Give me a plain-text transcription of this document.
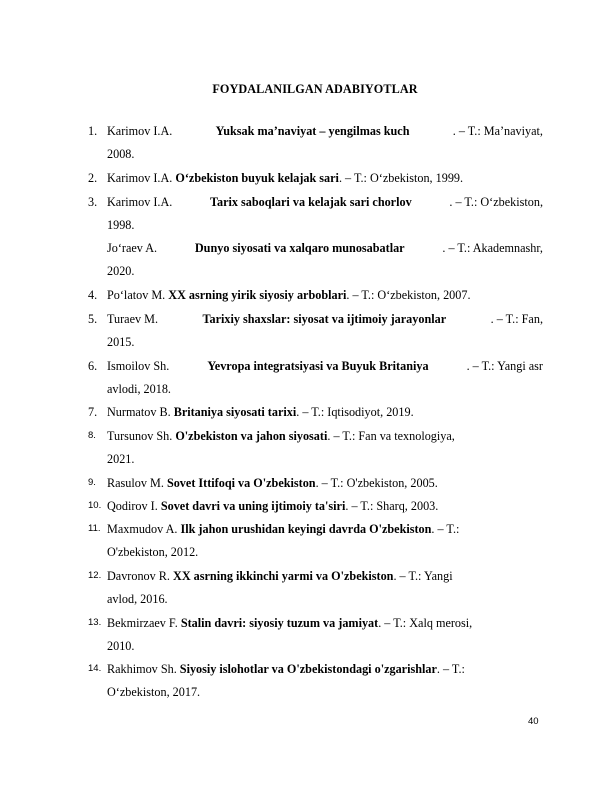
FOYDALANILGAN ADABIYOTLAR
1. Karimov I.A.	Yuksak ma’naviyat – yengilmas kuch	. – T.: Ma’naviyat,
2008.
2. Karimov I.A. O‘zbekiston buyuk kelajak sari. – T.: O‘zbekiston, 1999.
3. Karimov I.A.	Tarix saboqlari va kelajak sari chorlov	. – T.: O‘zbekiston,
1998.
Jo‘raev A.	Dunyo siyosati va xalqaro munosabatlar	. – T.: Akademnashr,
2020.
4. Po‘latov M. XX asrning yirik siyosiy arboblari. – T.: O‘zbekiston, 2007.
5. Turaev M.	Tarixiy shaxslar: siyosat va ijtimoiy jarayonlar	. – T.: Fan,
2015.
6. Ismoilov Sh.	Yevropa integratsiyasi va Buyuk Britaniya	. – T.: Yangi asr
avlodi, 2018.
7. Nurmatov B. Britaniya siyosati tarixi. – T.: Iqtisodiyot, 2019.
8. Tursunov Sh. O'zbekiston va jahon siyosati. – T.: Fan va texnologiya,
2021.
9. Rasulov M. Sovet Ittifoqi va O'zbekiston. – T.: O'zbekiston, 2005.
10. Qodirov I. Sovet davri va uning ijtimoiy ta'siri. – T.: Sharq, 2003.
11. Maxmudov A. Ilk jahon urushidan keyingi davrda O'zbekiston. – T.:
O'zbekiston, 2012.
12. Davronov R. XX asrning ikkinchi yarmi va O'zbekiston. – T.: Yangi
avlod, 2016.
13. Bekmirzaev F. Stalin davri: siyosiy tuzum va jamiyat. – T.: Xalq merosi,
2010.
14. Rakhimov Sh. Siyosiy islohotlar va O'zbekistondagi o'zgarishlar. – T.:
O‘zbekiston, 2017.
40
